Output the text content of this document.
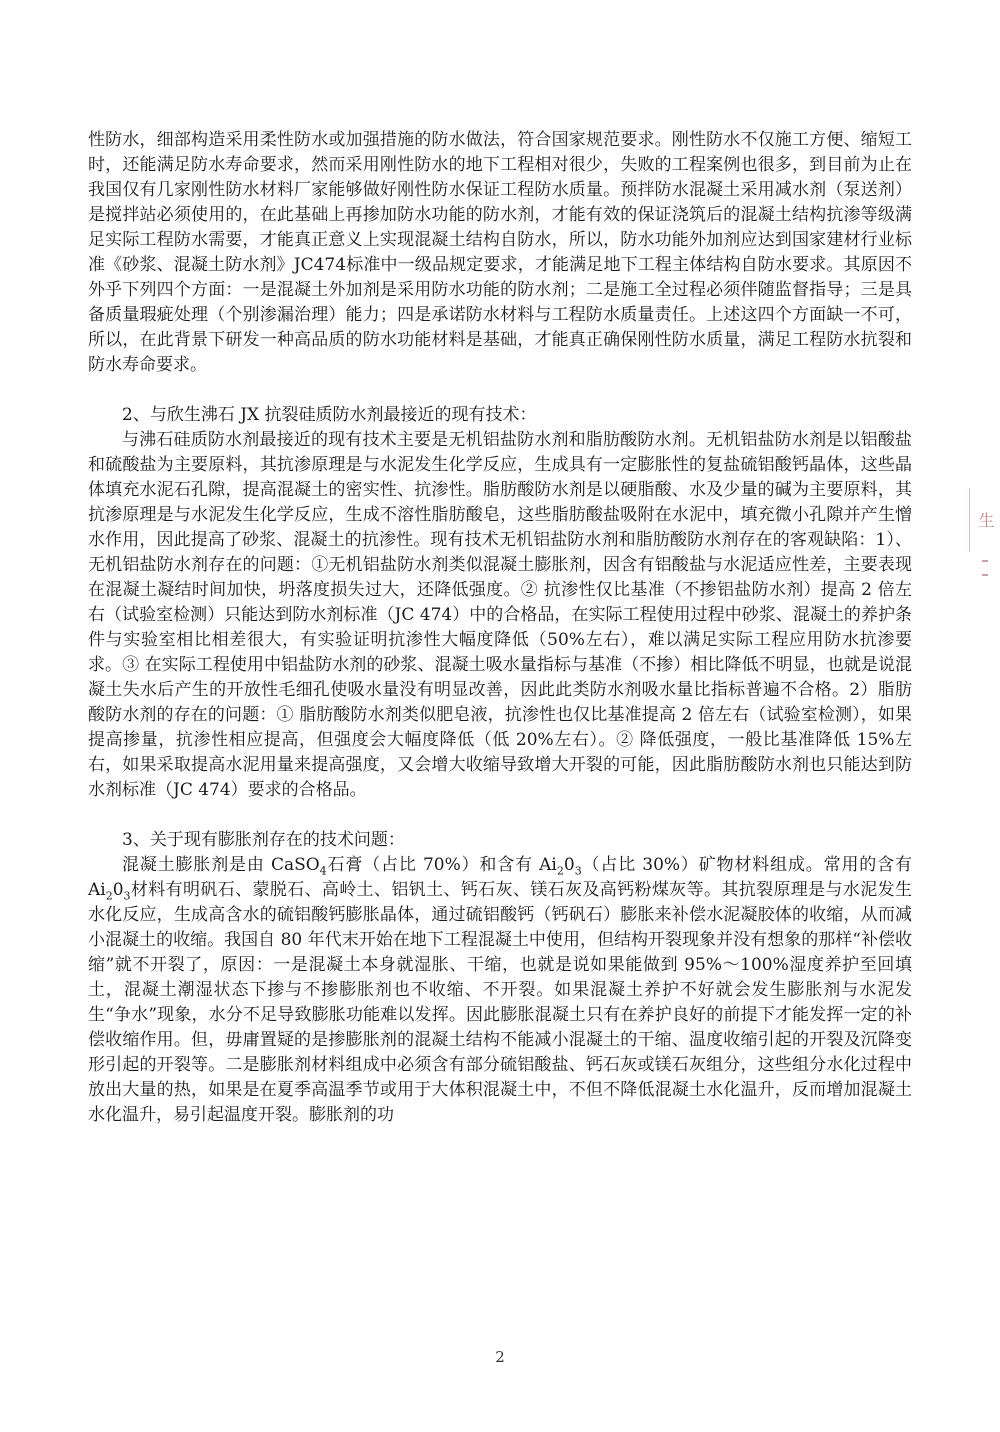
性防水，细部构造采用柔性防水或加强措施的防水做法，符合国家规范要求。刚性防水不仅施工方便、缩短工时，还能满足防水寿命要求，然而采用刚性防水的地下工程相对很少，失败的工程案例也很多，到目前为止在我国仅有几家刚性防水材料厂家能够做好刚性防水保证工程防水质量。预拌防水混凝土采用减水剂（泵送剂）是搅拌站必须使用的，在此基础上再掺加防水功能的防水剂，才能有效的保证浇筑后的混凝土结构抗渗等级满足实际工程防水需要，才能真正意义上实现混凝土结构自防水，所以，防水功能外加剂应达到国家建材行业标准《砂浆、混凝土防水剂》JC474标准中一级品规定要求，才能满足地下工程主体结构自防水要求。其原因不外乎下列四个方面：一是混凝土外加剂是采用防水功能的防水剂；二是施工全过程必须伴随监督指导；三是具备质量瑕疵处理（个别渗漏治理）能力；四是承诺防水材料与工程防水质量责任。上述这四个方面缺一不可，所以，在此背景下研发一种高品质的防水功能材料是基础，才能真正确保刚性防水质量，满足工程防水抗裂和防水寿命要求。

2、与欣生沸石 JX 抗裂硅质防水剂最接近的现有技术：

与沸石硅质防水剂最接近的现有技术主要是无机铝盐防水剂和脂肪酸防水剂。无机铝盐防水剂是以铝酸盐和硫酸盐为主要原料，其抗渗原理是与水泥发生化学反应，生成具有一定膨胀性的复盐硫铝酸钙晶体，这些晶体填充水泥石孔隙，提高混凝土的密实性、抗渗性。脂肪酸防水剂是以硬脂酸、水及少量的碱为主要原料，其抗渗原理是与水泥发生化学反应，生成不溶性脂肪酸皂，这些脂肪酸盐吸附在水泥中，填充微小孔隙并产生憎水作用，因此提高了砂浆、混凝土的抗渗性。现有技术无机铝盐防水剂和脂肪酸防水剂存在的客观缺陷：1）、无机铝盐防水剂存在的问题：①无机铝盐防水剂类似混凝土膨胀剂，因含有铝酸盐与水泥适应性差，主要表现在混凝土凝结时间加快，坍落度损失过大，还降低强度。② 抗渗性仅比基准（不掺铝盐防水剂）提高 2 倍左右（试验室检测）只能达到防水剂标准（JC 474）中的合格品，在实际工程使用过程中砂浆、混凝土的养护条件与实验室相比相差很大，有实验证明抗渗性大幅度降低（50%左右），难以满足实际工程应用防水抗渗要求。③ 在实际工程使用中铝盐防水剂的砂浆、混凝土吸水量指标与基准（不掺）相比降低不明显，也就是说混凝土失水后产生的开放性毛细孔使吸水量没有明显改善，因此此类防水剂吸水量比指标普遍不合格。2）脂肪酸防水剂的存在的问题：① 脂肪酸防水剂类似肥皂液，抗渗性也仅比基准提高 2 倍左右（试验室检测），如果提高掺量，抗渗性相应提高，但强度会大幅度降低（低 20%左右）。② 降低强度，一般比基准降低 15%左右，如果采取提高水泥用量来提高强度，又会增大收缩导致增大开裂的可能，因此脂肪酸防水剂也只能达到防水剂标准（JC 474）要求的合格品。

3、关于现有膨胀剂存在的技术问题：

混凝土膨胀剂是由 CaSO$_4$石膏（占比 70%）和含有 $Ai_20_3$（占比 30%）矿物材料组成。常用的含有 $Ai_20_3$材料有明矾石、蒙脱石、高岭土、铝钒土、钙石灰、镁石灰及高钙粉煤灰等。其抗裂原理是与水泥发生水化反应，生成高含水的硫铝酸钙膨胀晶体，通过硫铝酸钙（钙矾石）膨胀来补偿水泥凝胶体的收缩，从而减小混凝土的收缩。我国自 80 年代末开始在地下工程混凝土中使用，但结构开裂现象并没有想象的那样“补偿收缩”就不开裂了，原因：一是混凝土本身就湿胀、干缩，也就是说如果能做到 95%～100%湿度养护至回填土，混凝土潮湿状态下掺与不掺膨胀剂也不收缩、不开裂。如果混凝土养护不好就会发生膨胀剂与水泥发生“争水”现象，水分不足导致膨胀功能难以发挥。因此膨胀混凝土只有在养护良好的前提下才能发挥一定的补偿收缩作用。但，毋庸置疑的是掺膨胀剂的混凝土结构不能减小混凝土的干缩、温度收缩引起的开裂及沉降变形引起的开裂等。二是膨胀剂材料组成中必须含有部分硫铝酸盐、钙石灰或镁石灰组分，这些组分水化过程中放出大量的热，如果是在夏季高温季节或用于大体积混凝土中，不但不降低混凝土水化温升，反而增加混凝土水化温升，易引起温度开裂。膨胀剂的功

生
2
